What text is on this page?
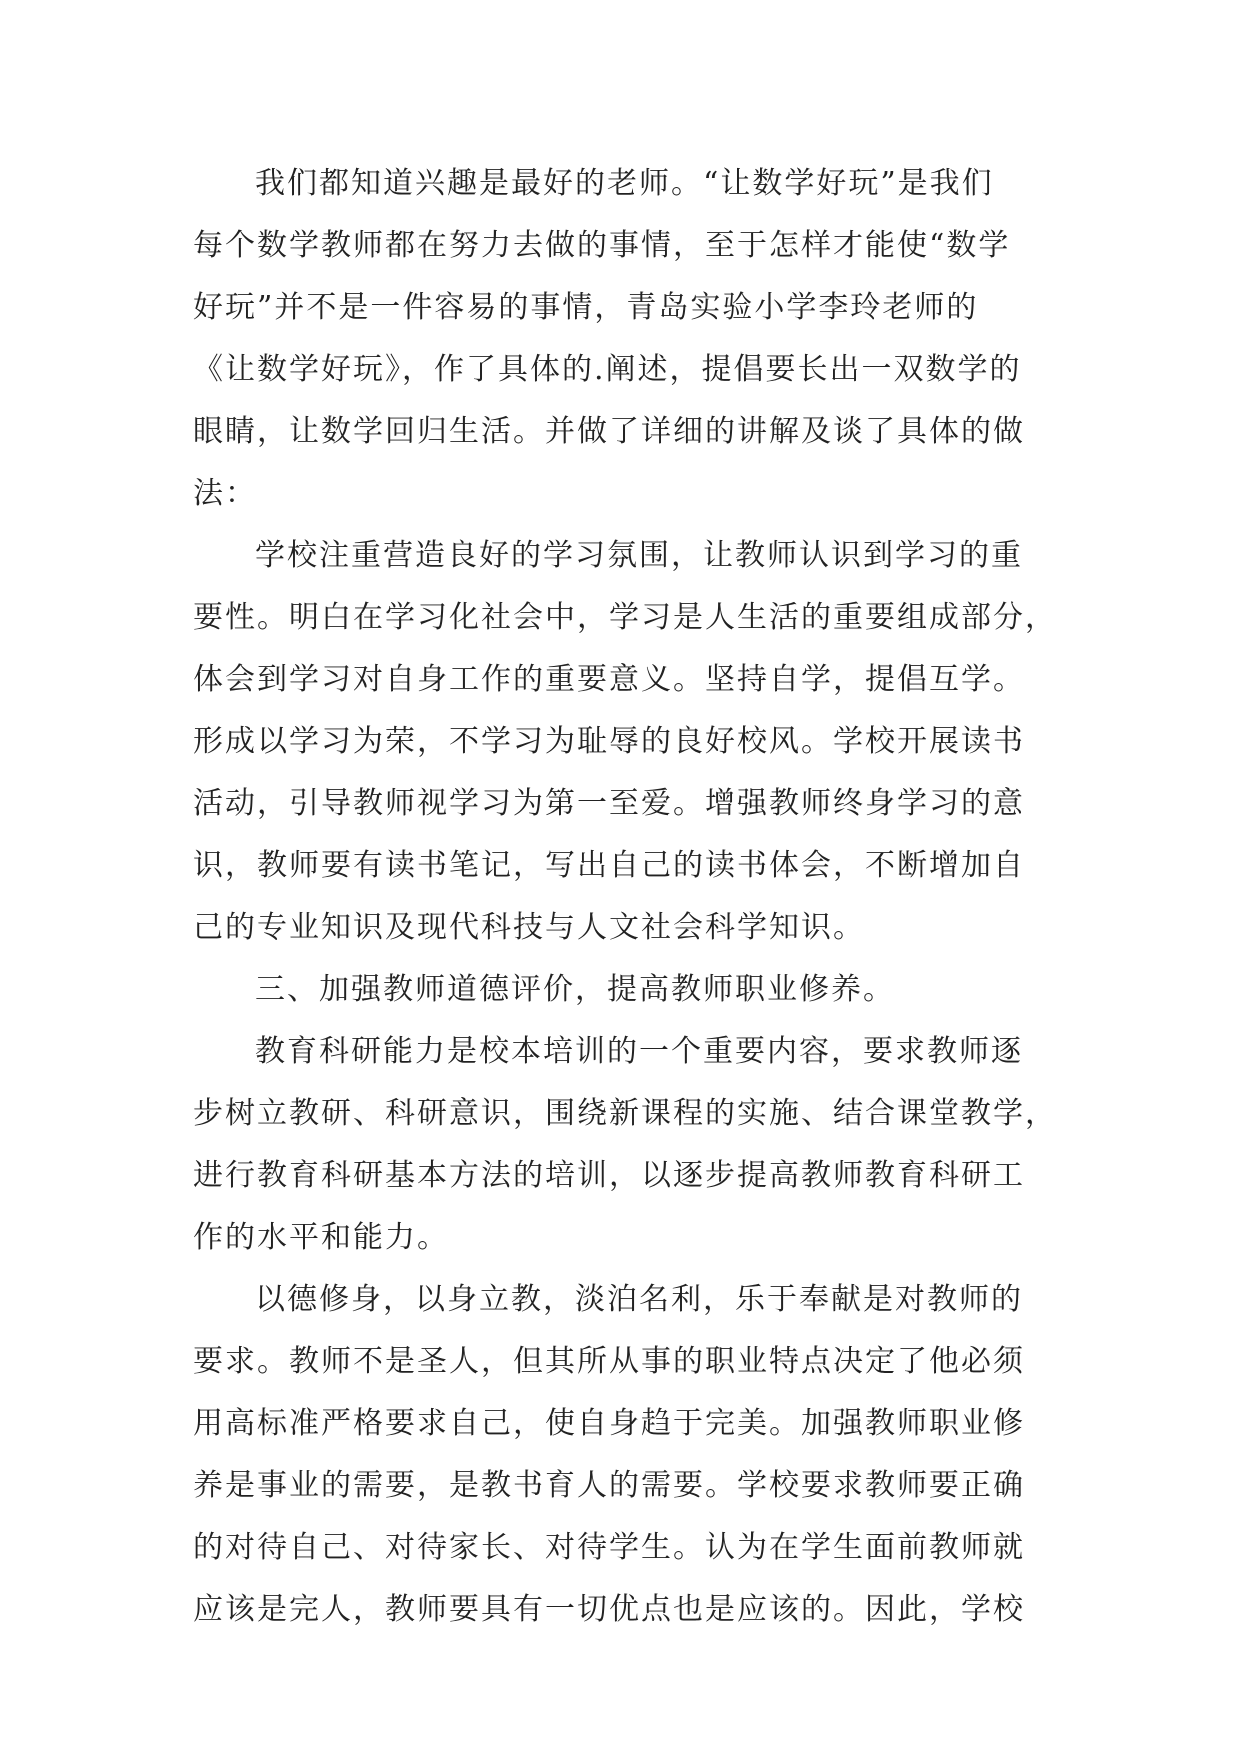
我们都知道兴趣是最好的老师。“让数学好玩”是我们
每个数学教师都在努力去做的事情，至于怎样才能使“数学
好玩”并不是一件容易的事情，青岛实验小学李玲老师的
《让数学好玩》，作了具体的.阐述，提倡要长出一双数学的
眼睛，让数学回归生活。并做了详细的讲解及谈了具体的做
法：
学校注重营造良好的学习氛围，让教师认识到学习的重
要性。明白在学习化社会中，学习是人生活的重要组成部分，
体会到学习对自身工作的重要意义。坚持自学，提倡互学。
形成以学习为荣，不学习为耻辱的良好校风。学校开展读书
活动，引导教师视学习为第一至爱。增强教师终身学习的意
识，教师要有读书笔记，写出自己的读书体会，不断增加自
己的专业知识及现代科技与人文社会科学知识。
三、加强教师道德评价，提高教师职业修养。
教育科研能力是校本培训的一个重要内容，要求教师逐
步树立教研、科研意识，围绕新课程的实施、结合课堂教学，
进行教育科研基本方法的培训，以逐步提高教师教育科研工
作的水平和能力。
以德修身，以身立教，淡泊名利，乐于奉献是对教师的
要求。教师不是圣人，但其所从事的职业特点决定了他必须
用高标准严格要求自己，使自身趋于完美。加强教师职业修
养是事业的需要，是教书育人的需要。学校要求教师要正确
的对待自己、对待家长、对待学生。认为在学生面前教师就
应该是完人，教师要具有一切优点也是应该的。因此，学校
